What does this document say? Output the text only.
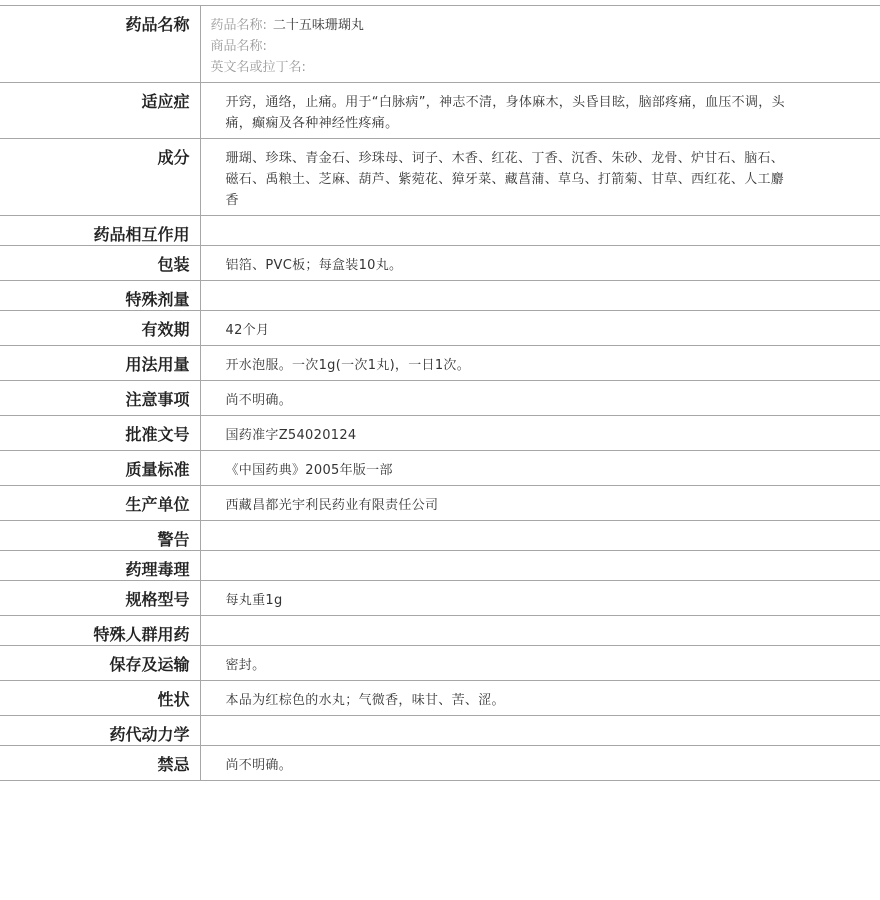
药品名称	药品名称: 二十五味珊瑚丸
商品名称:
英文名或拉丁名:

适应症	开窍，通络，止痛。用于“白脉病”，神志不清，身体麻木，头昏目眩，脑部疼痛，血压不调，头痛，癫痫及各种神经性疼痛。

成分	珊瑚、珍珠、青金石、珍珠母、诃子、木香、红花、丁香、沉香、朱砂、龙骨、炉甘石、脑石、磁石、禹粮土、芝麻、葫芦、紫菀花、獐牙菜、藏菖蒲、草乌、打箭菊、甘草、西红花、人工麝香

药品相互作用	

包装	铝箔、PVC板；每盒装10丸。

特殊剂量	

有效期	42个月

用法用量	开水泡服。一次1g(一次1丸)，一日1次。

注意事项	尚不明确。

批准文号	国药准字Z54020124

质量标准	《中国药典》2005年版一部

生产单位	西藏昌都光宇利民药业有限责任公司

警告	

药理毒理	

规格型号	每丸重1g

特殊人群用药	

保存及运输	密封。

性状	本品为红棕色的水丸；气微香，味甘、苦、涩。

药代动力学	

禁忌	尚不明确。
